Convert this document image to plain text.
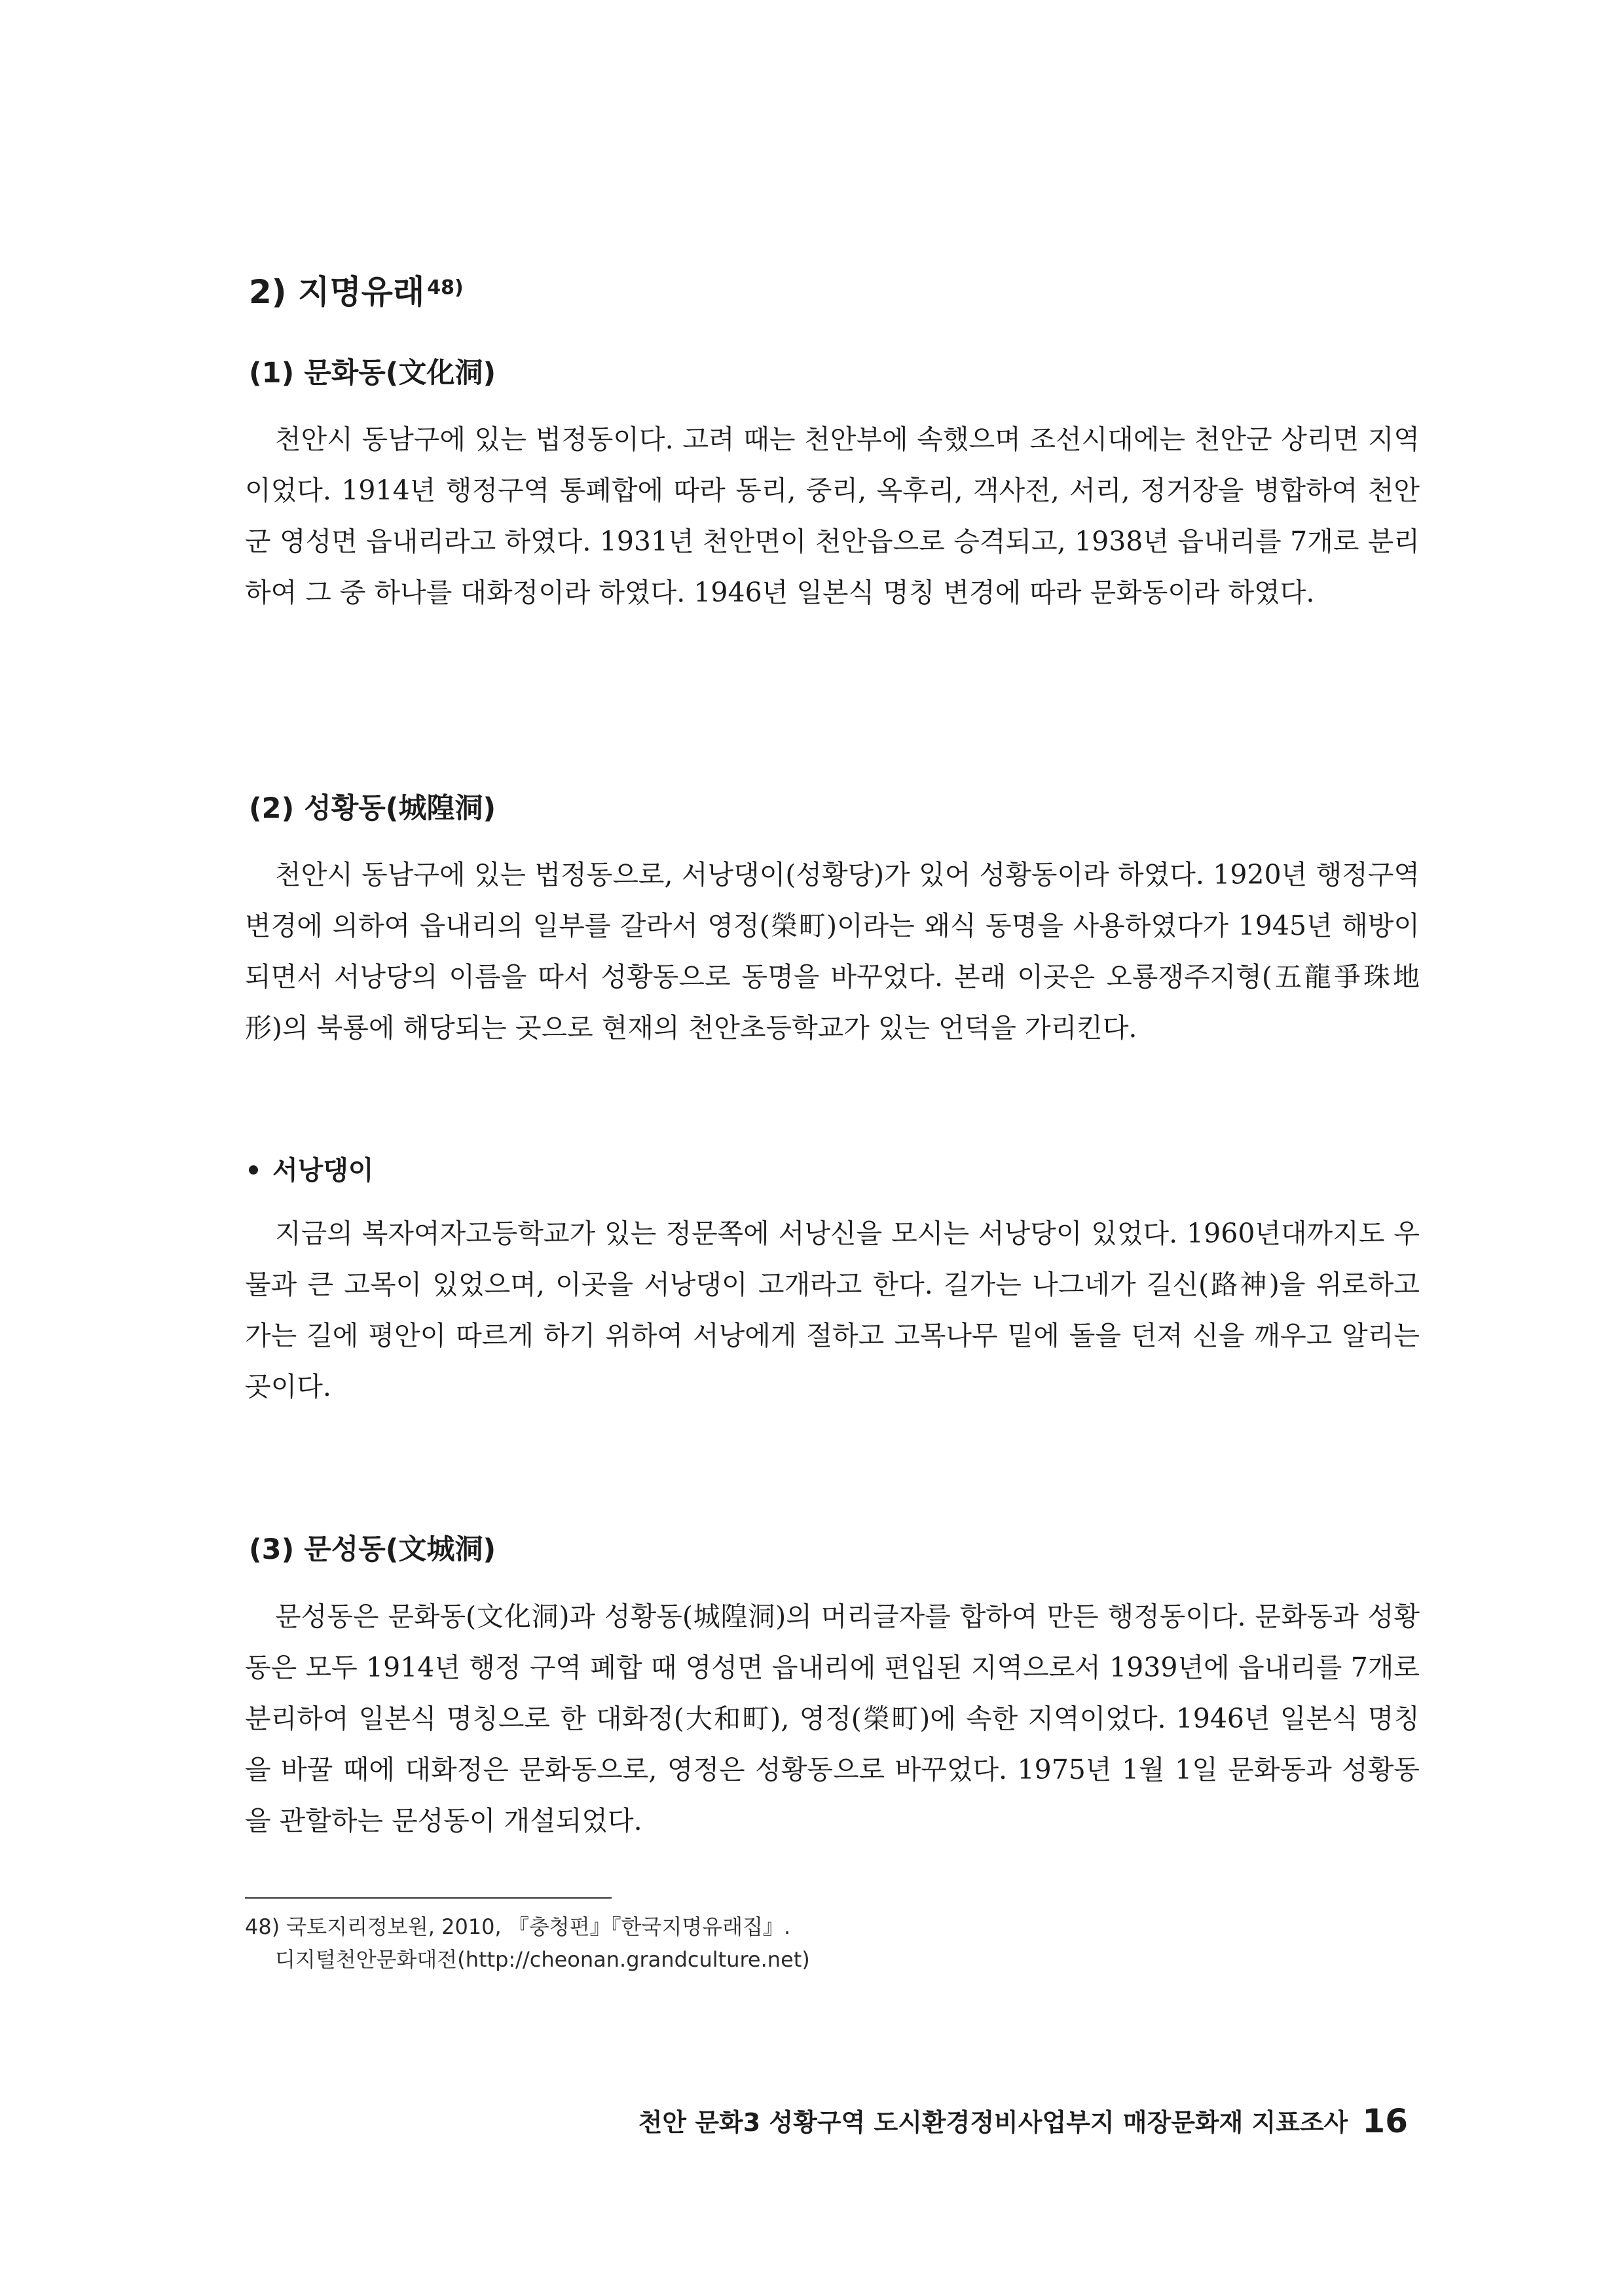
2) 지명유래 $^{48)}$
(1) 문화동(文化洞)

천안시 동남구에 있는 법정동이다. 고려 때는 천안부에 속했으며 조선시대에는 천안군 상리면 지역이었다. 1914년 행정구역 통폐합에 따라 동리, 중리, 옥후리, 객사전, 서리, 정거장을 병합하여 천안군 영성면 읍내리라고 하였다. 1931년 천안면이 천안읍으로 승격되고, 1938년 읍내리를 7개로 분리하여 그 중 하나를 대화정이라 하였다. 1946년 일본식 명칭 변경에 따라 문화동이라 하였다.

(2) 성황동(城隍洞)

천안시 동남구에 있는 법정동으로, 서낭댕이(성황당)가 있어 성황동이라 하였다. 1920년 행정구역 변경에 의하여 읍내리의 일부를 갈라서 영정(榮町)이라는 왜식 동명을 사용하였다가 1945년 해방이 되면서 서낭당의 이름을 따서 성황동으로 동명을 바꾸었다. 본래 이곳은 오룡쟁주지형(五龍爭珠地形)의 북룡에 해당되는 곳으로 현재의 천안초등학교가 있는 언덕을 가리킨다.

서낭댕이

지금의 복자여자고등학교가 있는 정문쪽에 서낭신을 모시는 서낭당이 있었다. 1960년대까지도 우물과 큰 고목이 있었으며, 이곳을 서낭댕이 고개라고 한다. 길가는 나그네가 길신(路神)을 위로하고 가는 길에 평안이 따르게 하기 위하여 서낭에게 절하고 고목나무 밑에 돌을 던져 신을 깨우고 알리는 곳이다.

(3) 문성동(文城洞)

문성동은 문화동(文化洞)과 성황동(城隍洞)의 머리글자를 합하여 만든 행정동이다. 문화동과 성황동은 모두 1914년 행정 구역 폐합 때 영성면 읍내리에 편입된 지역으로서 1939년에 읍내리를 7개로 분리하여 일본식 명칭으로 한 대화정(大和町), 영정(榮町)에 속한 지역이었다. 1946년 일본식 명칭을 바꿀 때에 대화정은 문화동으로, 영정은 성황동으로 바꾸었다. 1975년 1월 1일 문화동과 성황동을 관할하는 문성동이 개설되었다.

48) 국토지리정보원, 2010, 『충청편』『한국지명유래집』.
디지털천안문화대전(http://cheonan.grandculture.net)
천안 문화3 성황구역 도시환경정비사업부지 매장문화재 지표조사 16
